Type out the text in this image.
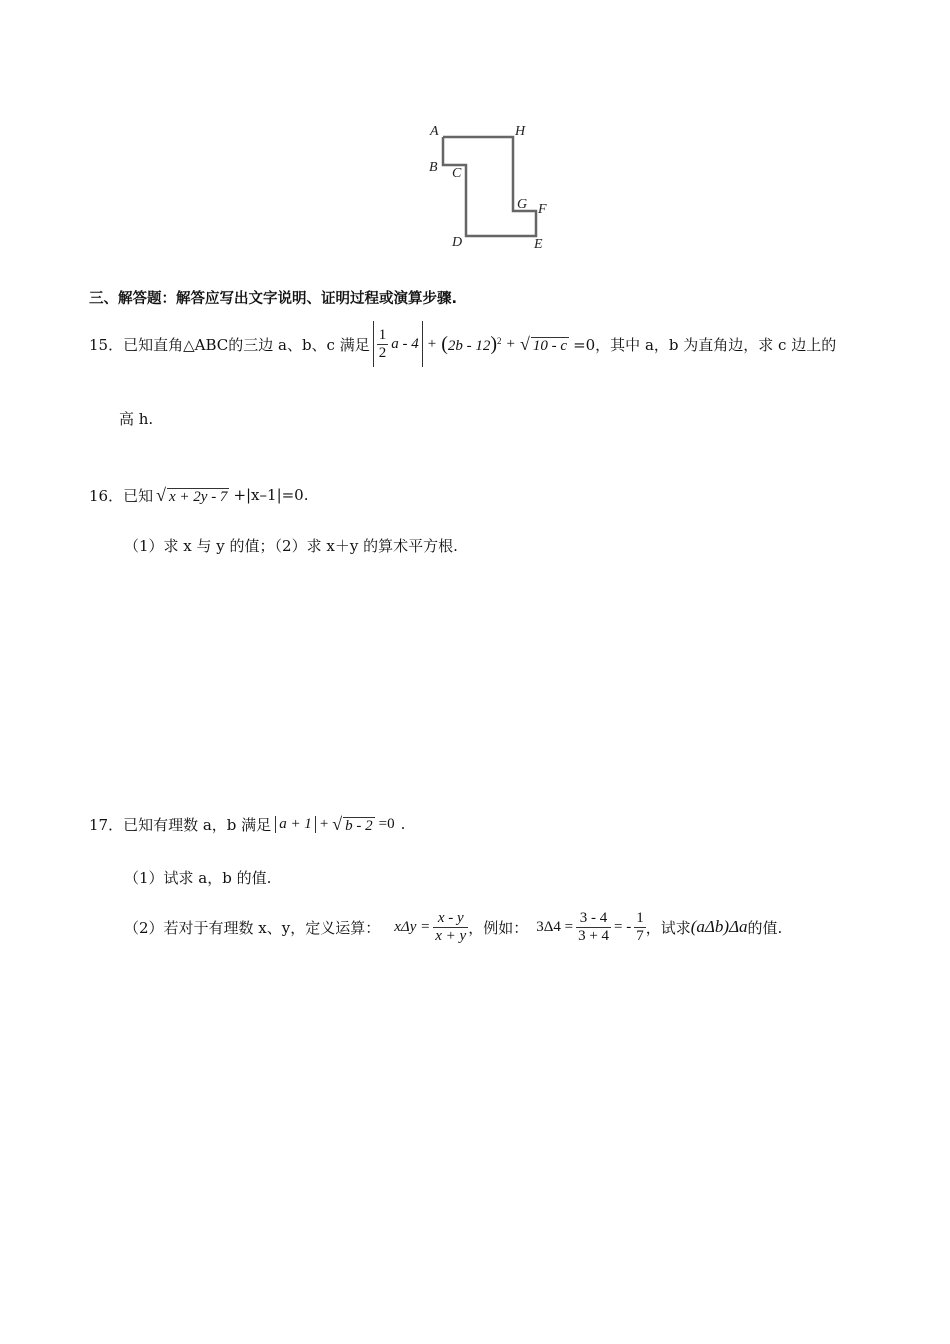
A	H
B C
G F
D	E
三、解答题：解答应写出文字说明、证明过程或演算步骤.
15． 已知直角△ABC的三边 a、b、c 满足 $\frac{1}{2}$ a - 4 + (2b - 12)$^2$ + √ 10 - c =0，其中 a，b 为直角边，求 c 边上的
高 h.
16． 已知 √ x + 2y - 7 +|x–1|=0.
（1）求 x 与 y 的值；（2）求 x＋y 的算术平方根.
17． 已知有理数 a，b 满足 a + 1 + √ b - 2 =0 .
（1）试求 a，b 的值.
（2）若对于有理数 x、y，定义运算： $x\Delta y = \frac{x - y}{x + y}$ ，例如： $3\Delta 4 = \frac{3 - 4}{3 + 4}$ = - $\frac{1}{7}$ ，试求 (aΔb)Δa 的值.
